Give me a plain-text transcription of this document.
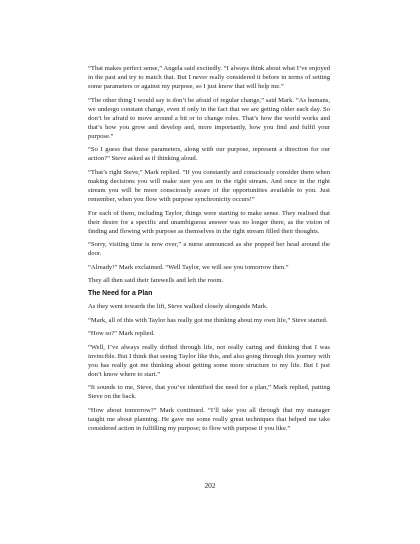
“That makes perfect sense,” Angela said excitedly. “I always think about what I’ve enjoyed in the past and try to match that. But I never really considered it before in terms of setting some parameters or against my purpose, so I just know that will help me.”

“The other thing I would say is don’t be afraid of regular change,” said Mark. “As humans, we undergo constant change, even if only in the fact that we are getting older each day. So don’t be afraid to move around a bit or to change roles. That’s how the world works and that’s how you grow and develop and, more importantly, how you find and fulfil your purpose.”

“So I guess that these parameters, along with our purpose, represent a direction for our action?” Steve asked as if thinking aloud.

“That’s right Steve,” Mark replied. “If you constantly and consciously consider them when making decisions you will make sure you are in the right stream. And once in the right stream you will be more consciously aware of the opportunities available to you. Just remember, when you flow with purpose synchronicity occurs!”

For each of them, including Taylor, things were starting to make sense. They realised that their desire for a specific and unambiguous answer was no longer there, as the vision of finding and flowing with purpose as themselves in the right stream filled their thoughts.

“Sorry, visiting time is now over,” a nurse announced as she popped her head around the door.

“Already!” Mark exclaimed. “Well Taylor, we will see you tomorrow then.”

They all then said their farewells and left the room.

The Need for a Plan

As they went towards the lift, Steve walked closely alongside Mark.

“Mark, all of this with Taylor has really got me thinking about my own life,” Steve started.

“How so?” Mark replied.

“Well, I’ve always really drifted through life, not really caring and thinking that I was invincible. But I think that seeing Taylor like this, and also going through this journey with you has really got me thinking about getting some more structure to my life. But I just don’t know where to start.”

“It sounds to me, Steve, that you’ve identified the need for a plan,” Mark replied, patting Steve on the back.

“How about tomorrow?” Mark continued. “I’ll take you all through that my manager taught me about planning. He gave me some really great techniques that helped me take considered action in fulfilling my purpose; to flow with purpose if you like.”

202
